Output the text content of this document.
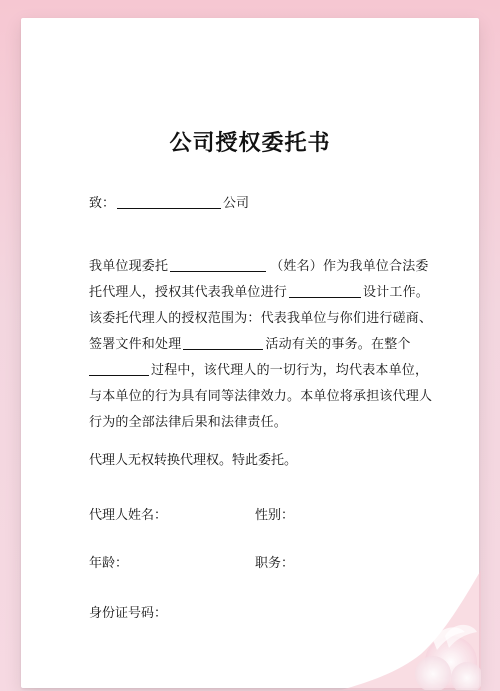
公司授权委托书
致：	公司
我单位现委托	（姓名）作为我单位合法委
托代理人，授权其代表我单位进行	设计工作。
该委托代理人的授权范围为：代表我单位与你们进行磋商、
签署文件和处理	活动有关的事务。在整个
过程中，该代理人的一切行为，均代表本单位，
与本单位的行为具有同等法律效力。本单位将承担该代理人
行为的全部法律后果和法律责任。
代理人无权转换代理权。特此委托。
代理人姓名：	性别：
年龄：	职务：
身份证号码：
